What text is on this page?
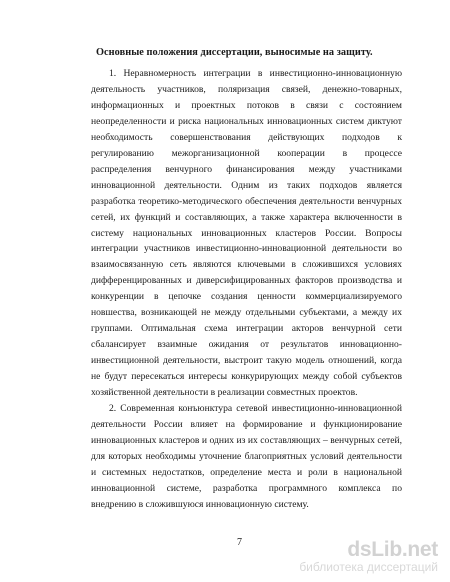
Основные положения диссертации, выносимые на защиту.

1. Неравномерность интеграции в инвестиционно-инновационную деятельность участников, поляризация связей, денежно-товарных, информационных и проектных потоков в связи с состоянием неопределенности и риска национальных инновационных систем диктуют необходимость совершенствования действующих подходов к регулированию межорганизационной кооперации в процессе распределения венчурного финансирования между участниками инновационной деятельности. Одним из таких подходов является разработка теоретико-методического обеспечения деятельности венчурных сетей, их функций и составляющих, а также характера включенности в систему национальных инновационных кластеров России. Вопросы интеграции участников инвестиционно-инновационной деятельности во взаимосвязанную сеть являются ключевыми в сложившихся условиях дифференцированных и диверсифицированных факторов производства и конкуренции в цепочке создания ценности коммерциализируемого новшества, возникающей не между отдельными субъектами, а между их группами. Оптимальная схема интеграции акторов венчурной сети сбалансирует взаимные ожидания от результатов инновационно-инвестиционной деятельности, выстроит такую модель отношений, когда не будут пересекаться интересы конкурирующих между собой субъектов хозяйственной деятельности в реализации совместных проектов.

2. Современная конъюнктура сетевой инвестиционно-инновационной деятельности России влияет на формирование и функционирование инновационных кластеров и одних из их составляющих – венчурных сетей, для которых необходимы уточнение благоприятных условий деятельности и системных недостатков, определение места и роли в национальной инновационной системе, разработка программного комплекса по внедрению в сложившуюся инновационную систему.

7	dsLib.net
библиотека диссертаций
